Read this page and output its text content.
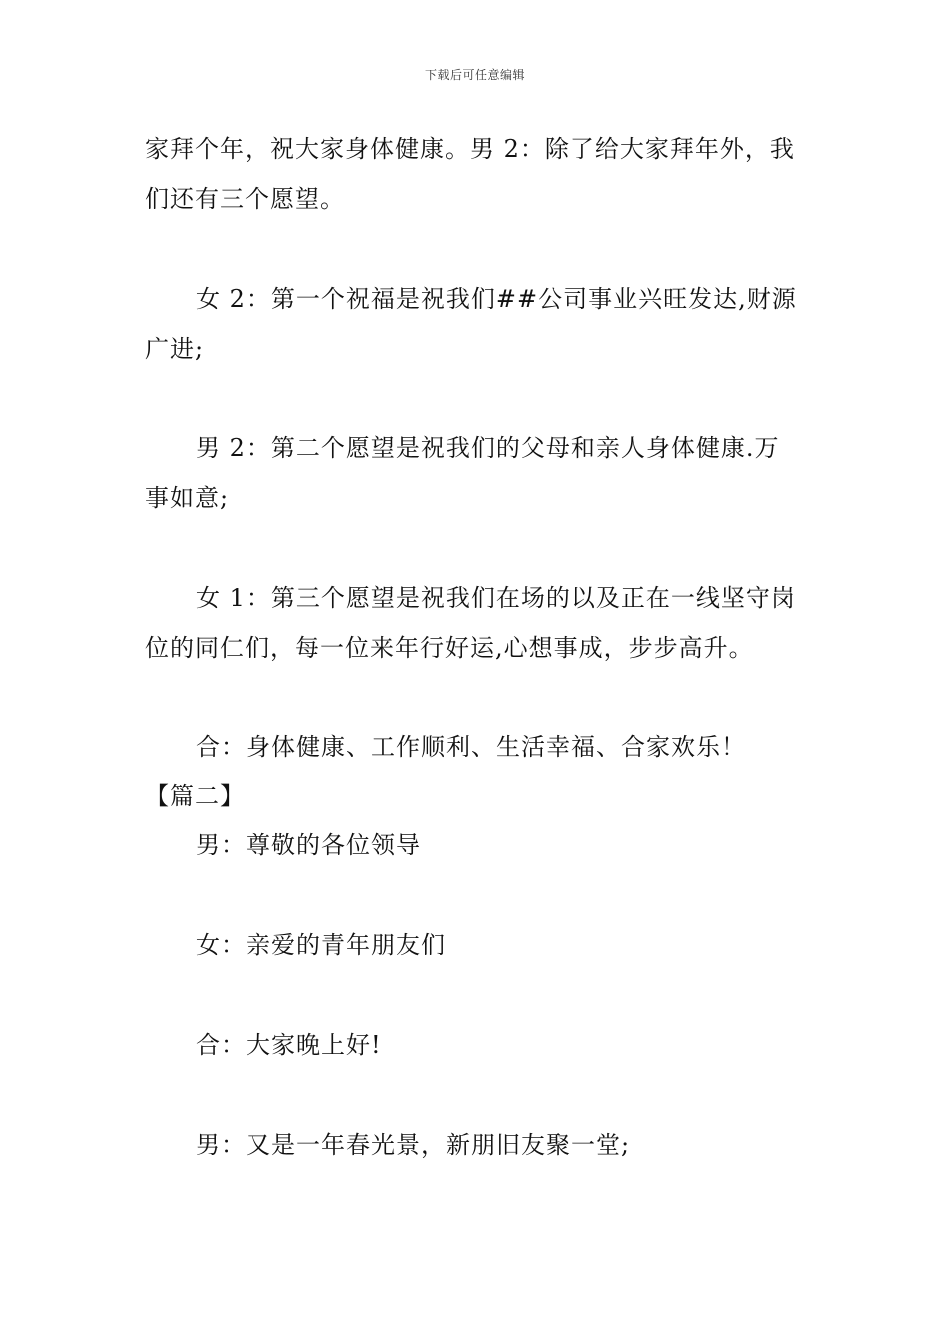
下载后可任意编辑
家拜个年，祝大家身体健康。男 2：除了给大家拜年外，我
们还有三个愿望。
女 2：第一个祝福是祝我们##公司事业兴旺发达,财源
广进;
男 2：第二个愿望是祝我们的父母和亲人身体健康.万
事如意;
女 1：第三个愿望是祝我们在场的以及正在一线坚守岗
位的同仁们，每一位来年行好运,心想事成，步步高升。
合：身体健康、工作顺利、生活幸福、合家欢乐！
【篇二】
男：尊敬的各位领导
女：亲爱的青年朋友们
合：大家晚上好!
男：又是一年春光景，新朋旧友聚一堂;
